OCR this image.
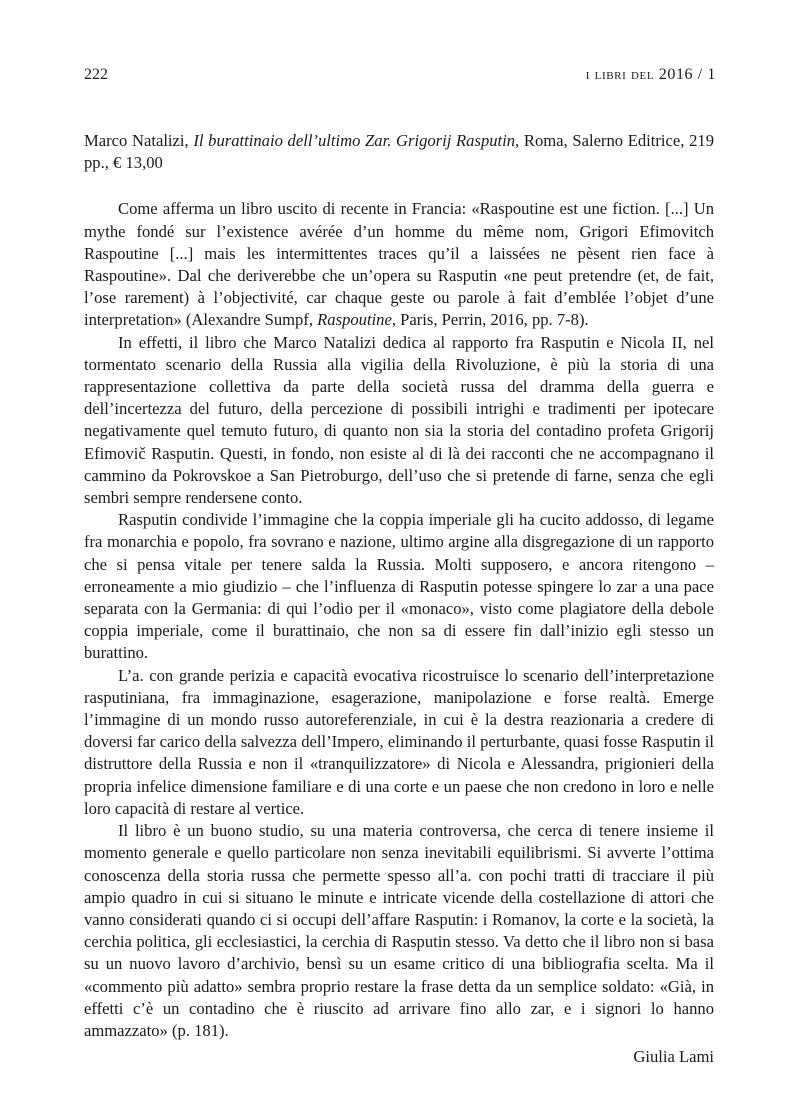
222	i libri del 2016 / 1

Marco Natalizi, Il burattinaio dell’ultimo Zar. Grigorij Rasputin, Roma, Salerno Editrice, 219 pp., € 13,00

Come afferma un libro uscito di recente in Francia: «Raspoutine est une fiction. [...] Un mythe fondé sur l’existence avérée d’un homme du même nom, Grigori Efimovitch Raspoutine [...] mais les intermittentes traces qu’il a laissées ne pèsent rien face à Raspoutine». Dal che deriverebbe che un’opera su Rasputin «ne peut pretendre (et, de fait, l’ose rarement) à l’objectivité, car chaque geste ou parole à fait d’emblée l’objet d’une interpretation» (Alexandre Sumpf, Raspoutine, Paris, Perrin, 2016, pp. 7-8).

In effetti, il libro che Marco Natalizi dedica al rapporto fra Rasputin e Nicola II, nel tormentato scenario della Russia alla vigilia della Rivoluzione, è più la storia di una rappresentazione collettiva da parte della società russa del dramma della guerra e dell’incertezza del futuro, della percezione di possibili intrighi e tradimenti per ipotecare negativamente quel temuto futuro, di quanto non sia la storia del contadino profeta Grigorij Efimovič Rasputin. Questi, in fondo, non esiste al di là dei racconti che ne accompagnano il cammino da Pokrovskoe a San Pietroburgo, dell’uso che si pretende di farne, senza che egli sembri sempre rendersene conto.

Rasputin condivide l’immagine che la coppia imperiale gli ha cucito addosso, di legame fra monarchia e popolo, fra sovrano e nazione, ultimo argine alla disgregazione di un rapporto che si pensa vitale per tenere salda la Russia. Molti supposero, e ancora ritengono – erroneamente a mio giudizio – che l’influenza di Rasputin potesse spingere lo zar a una pace separata con la Germania: di qui l’odio per il «monaco», visto come plagiatore della debole coppia imperiale, come il burattinaio, che non sa di essere fin dall’inizio egli stesso un burattino.

L’a. con grande perizia e capacità evocativa ricostruisce lo scenario dell’interpretazione rasputiniana, fra immaginazione, esagerazione, manipolazione e forse realtà. Emerge l’immagine di un mondo russo autoreferenziale, in cui è la destra reazionaria a credere di doversi far carico della salvezza dell’Impero, eliminando il perturbante, quasi fosse Rasputin il distruttore della Russia e non il «tranquilizzatore» di Nicola e Alessandra, prigionieri della propria infelice dimensione familiare e di una corte e un paese che non credono in loro e nelle loro capacità di restare al vertice.

Il libro è un buono studio, su una materia controversa, che cerca di tenere insieme il momento generale e quello particolare non senza inevitabili equilibrismi. Si avverte l’ottima conoscenza della storia russa che permette spesso all’a. con pochi tratti di tracciare il più ampio quadro in cui si situano le minute e intricate vicende della costellazione di attori che vanno considerati quando ci si occupi dell’affare Rasputin: i Romanov, la corte e la società, la cerchia politica, gli ecclesiastici, la cerchia di Rasputin stesso. Va detto che il libro non si basa su un nuovo lavoro d’archivio, bensì su un esame critico di una bibliografia scelta. Ma il «commento più adatto» sembra proprio restare la frase detta da un semplice soldato: «Già, in effetti c’è un contadino che è riuscito ad arrivare fino allo zar, e i signori lo hanno ammazzato» (p. 181).

Giulia Lami
